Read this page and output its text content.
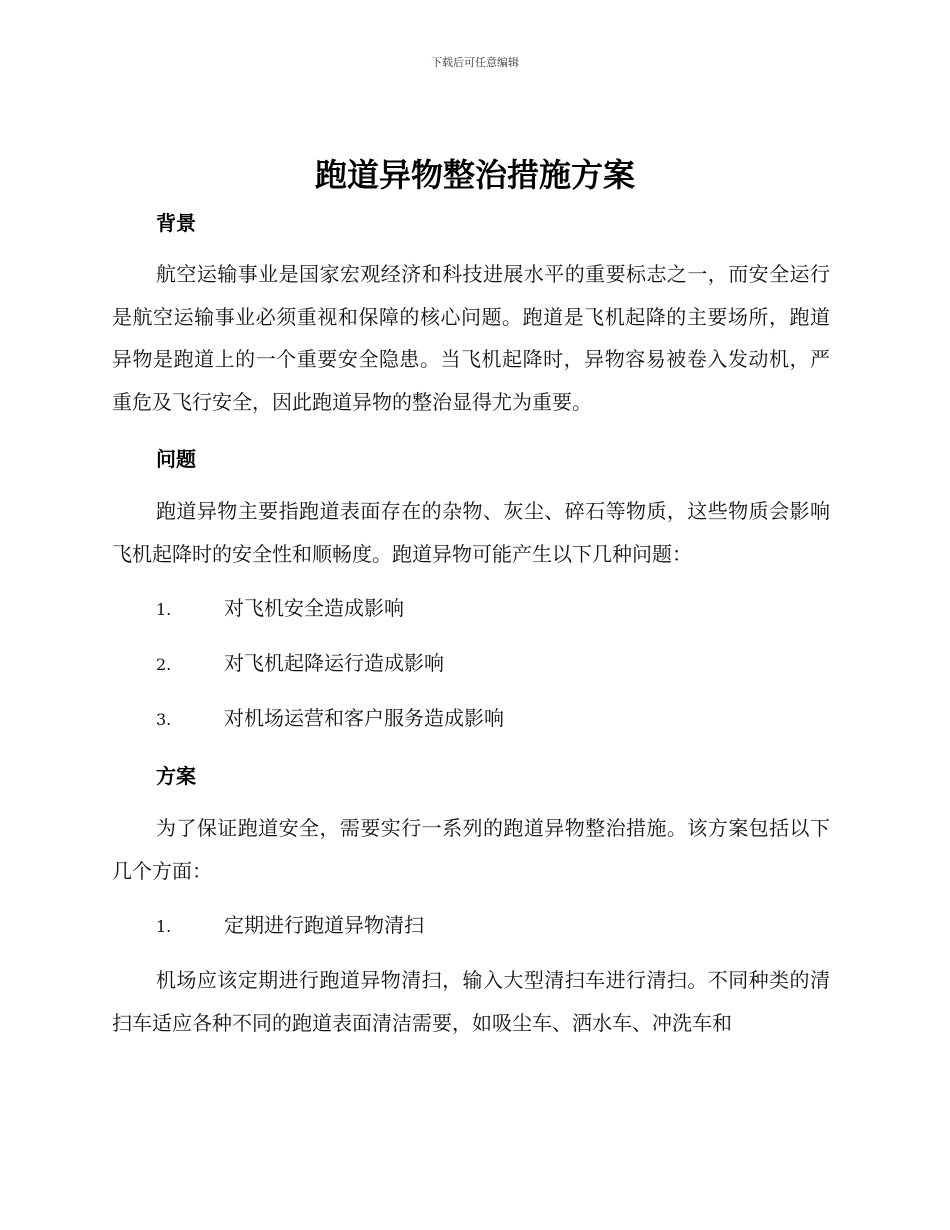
下载后可任意编辑
跑道异物整治措施方案
背景
航空运输事业是国家宏观经济和科技进展水平的重要标志之一，而安全运行是航空运输事业必须重视和保障的核心问题。跑道是飞机起降的主要场所，跑道异物是跑道上的一个重要安全隐患。当飞机起降时，异物容易被卷入发动机，严重危及飞行安全，因此跑道异物的整治显得尤为重要。
问题
跑道异物主要指跑道表面存在的杂物、灰尘、碎石等物质，这些物质会影响飞机起降时的安全性和顺畅度。跑道异物可能产生以下几种问题：
1.	对飞机安全造成影响
2.	对飞机起降运行造成影响
3.	对机场运营和客户服务造成影响
方案
为了保证跑道安全，需要实行一系列的跑道异物整治措施。该方案包括以下几个方面：
1.	定期进行跑道异物清扫
机场应该定期进行跑道异物清扫，输入大型清扫车进行清扫。不同种类的清扫车适应各种不同的跑道表面清洁需要，如吸尘车、洒水车、冲洗车和
